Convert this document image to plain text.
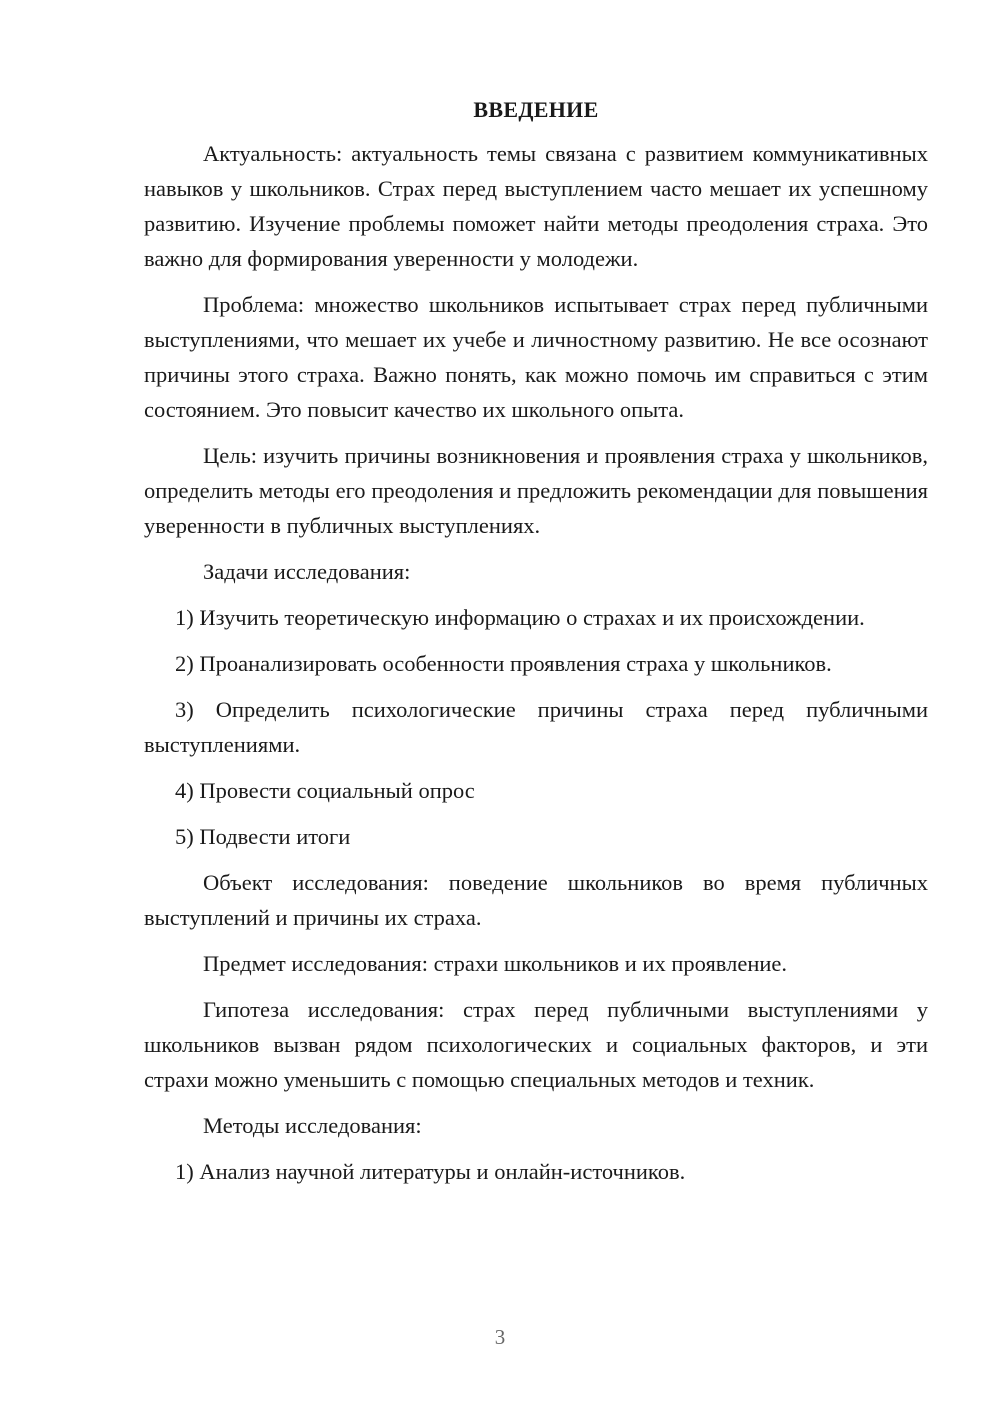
ВВЕДЕНИЕ

Актуальность: актуальность темы связана с развитием коммуникативных навыков у школьников. Страх перед выступлением часто мешает их успешному развитию. Изучение проблемы поможет найти методы преодоления страха. Это важно для формирования уверенности у молодежи.

Проблема: множество школьников испытывает страх перед публичными выступлениями, что мешает их учебе и личностному развитию. Не все осознают причины этого страха. Важно понять, как можно помочь им справиться с этим состоянием. Это повысит качество их школьного опыта.

Цель: изучить причины возникновения и проявления страха у школьников, определить методы его преодоления и предложить рекомендации для повышения уверенности в публичных выступлениях.

Задачи исследования:

1) Изучить теоретическую информацию о страхах и их происхождении.

2) Проанализировать особенности проявления страха у школьников.

3) Определить психологические причины страха перед публичными выступлениями.

4) Провести социальный опрос

5) Подвести итоги

Объект исследования: поведение школьников во время публичных выступлений и причины их страха.

Предмет исследования: страхи школьников и их проявление.

Гипотеза исследования: страх перед публичными выступлениями у школьников вызван рядом психологических и социальных факторов, и эти страхи можно уменьшить с помощью специальных методов и техник.

Методы исследования:

1) Анализ научной литературы и онлайн-источников.

3
